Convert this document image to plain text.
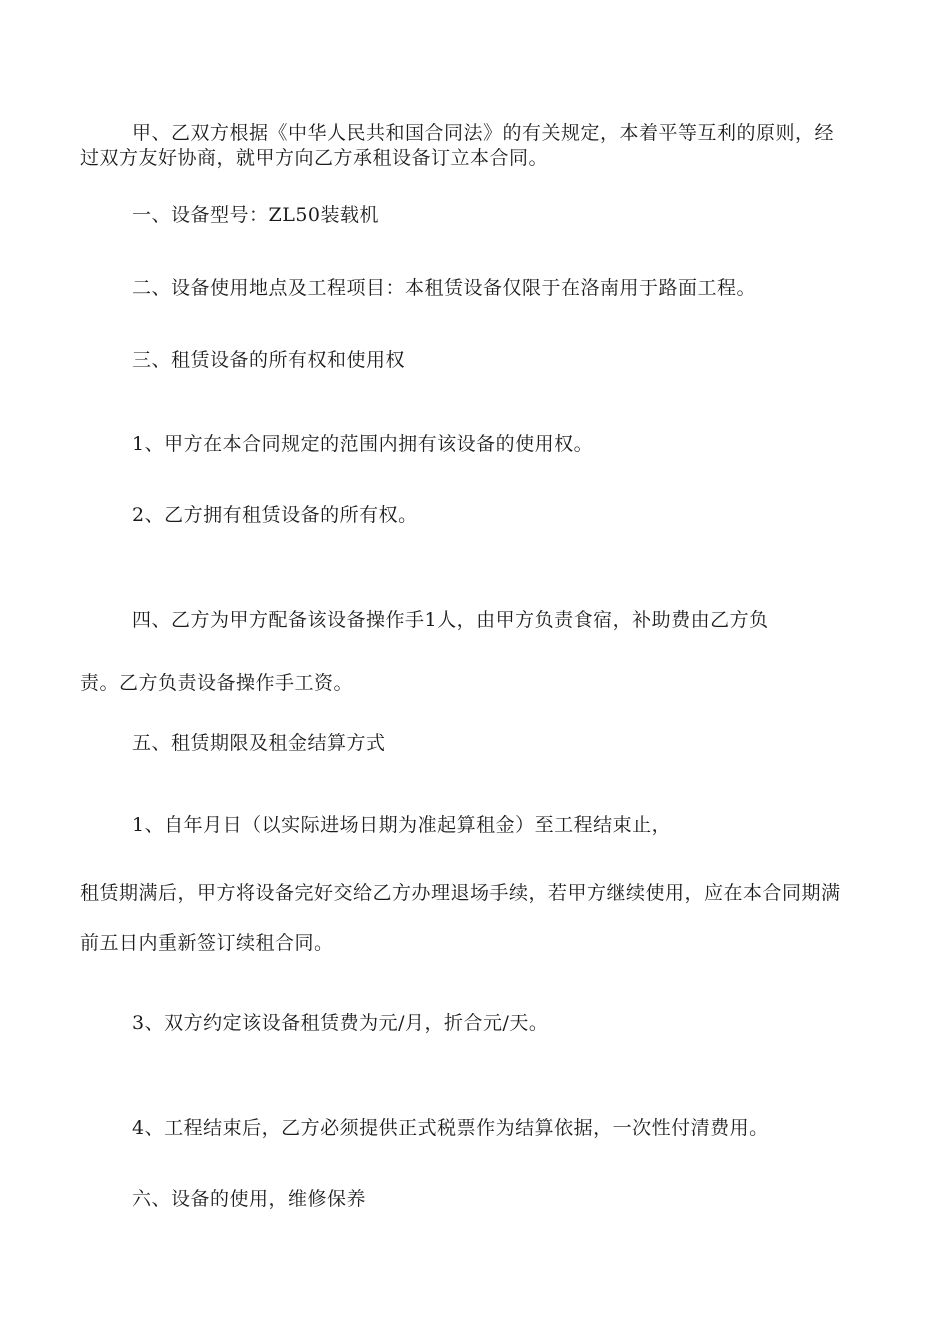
甲、乙双方根据《中华人民共和国合同法》的有关规定，本着平等互利的原则，经
过双方友好协商，就甲方向乙方承租设备订立本合同。
一、设备型号：ZL50装载机
二、设备使用地点及工程项目：本租赁设备仅限于在洛南用于路面工程。
三、租赁设备的所有权和使用权
1、甲方在本合同规定的范围内拥有该设备的使用权。
2、乙方拥有租赁设备的所有权。
四、乙方为甲方配备该设备操作手1人，由甲方负责食宿，补助费由乙方负
责。乙方负责设备操作手工资。
五、租赁期限及租金结算方式
1、自年月日（以实际进场日期为准起算租金）至工程结束止，
租赁期满后，甲方将设备完好交给乙方办理退场手续，若甲方继续使用，应在本合同期满
前五日内重新签订续租合同。
3、双方约定该设备租赁费为元/月，折合元/天。
4、工程结束后，乙方必须提供正式税票作为结算依据，一次性付清费用。
六、设备的使用，维修保养
